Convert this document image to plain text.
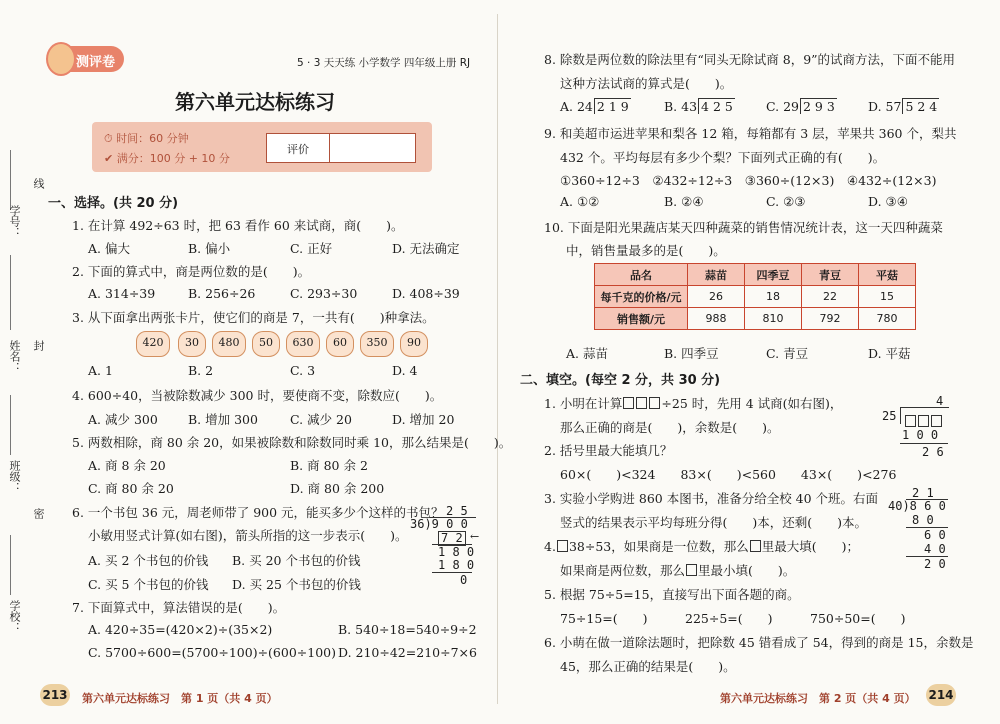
学号：
线
姓名： 封
班级：
密
学校：
测评卷	5 · 3 天天练 小学数学 四年级上册 RJ
第六单元达标练习
⏱ 时间：60 分钟
✔ 满分：100 分 + 10 分
评价
一、选择。(共 20 分)
1. 在计算 492÷63 时，把 63 看作 60 来试商，商(　　)。
A. 偏大	B. 偏小	C. 正好	D. 无法确定
2. 下面的算式中，商是两位数的是(　　)。
A. 314÷39	B. 256÷26	C. 293÷30	D. 408÷39
3. 从下面拿出两张卡片，使它们的商是 7，一共有(　　)种拿法。
420	30	480	50	630	60	350	90
A. 1	B. 2	C. 3	D. 4
4. 600÷40，当被除数减少 300 时，要使商不变，除数应(　　)。
A. 减少 300 B. 增加 300	C. 减少 20	D. 增加 20
5. 两数相除，商 80 余 20，如果被除数和除数同时乘 10，那么结果是(　　)。
A. 商 8 余 20	B. 商 80 余 2
C. 商 80 余 20	D. 商 80 余 200
6. 一个书包 36 元，周老师带了 900 元，能买多少个这样的书包？
小敏用竖式计算(如右图)，箭头所指的这一步表示(　　)。
A. 买 2 个书包的价钱 B. 买 20 个书包的价钱
C. 买 5 个书包的价钱 D. 买 25 个书包的价钱
2 5
36)9 0 0
7 2 ←
1 8 0
1 8 0
0
7. 下面算式中，算法错误的是(　　)。
A. 420÷35=(420×2)÷(35×2)	B. 540÷18=540÷9÷2
C. 5700÷600=(5700÷100)÷(600÷100) D. 210÷42=210÷7×6
213 第六单元达标练习　第 1 页（共 4 页）
8. 除数是两位数的除法里有“同头无除试商 8，9”的试商方法，下面不能用
这种方法试商的算式是(　　)。
A. 24 2 1 9	B. 43 4 2 5	C. 29 2 9 3	D. 57 5 2 4
9. 和美超市运进苹果和梨各 12 箱，每箱都有 3 层，苹果共 360 个，梨共
432 个。平均每层有多少个梨？下面列式正确的有(　　)。
①360÷12÷3　②432÷12÷3　③360÷(12×3)　④432÷(12×3)
A. ①②	B. ②④	C. ②③	D. ③④
10. 下面是阳光果蔬店某天四种蔬菜的销售情况统计表，这一天四种蔬菜
中，销售量最多的是(　　)。
品名	蒜苗	四季豆	青豆	平菇
每千克的价格/元	26	18	22	15
销售额/元	988	810	792	780
A. 蒜苗	B. 四季豆	C. 青豆	D. 平菇
二、填空。(每空 2 分，共 30 分)
1. 小明在计算	÷25 时，先用 4 试商(如右图)，
那么正确的商是(　　)，余数是(　　)。
4
25
1 0 0
2 6
2. 括号里最大能填几？
60×(　　)<324　　83×(　　)<560　　43×(　　)<276
3. 实验小学购进 860 本图书，准备分给全校 40 个班。右面
竖式的结果表示平均每班分得(　　)本，还剩(　　)本。
2 1
40)8 6 0
8 0
6 0
4 0
2 0
4. 38÷53，如果商是一位数，那么 里最大填(　　)；
如果商是两位数，那么 里最小填(　　)。
5. 根据 75÷5=15，直接写出下面各题的商。
75÷15=(　　)　　　225÷5=(　　)　　　750÷50=(　　)
6. 小萌在做一道除法题时，把除数 45 错看成了 54，得到的商是 15，余数是
45，那么正确的结果是(　　)。
第六单元达标练习　第 2 页（共 4 页） 214
